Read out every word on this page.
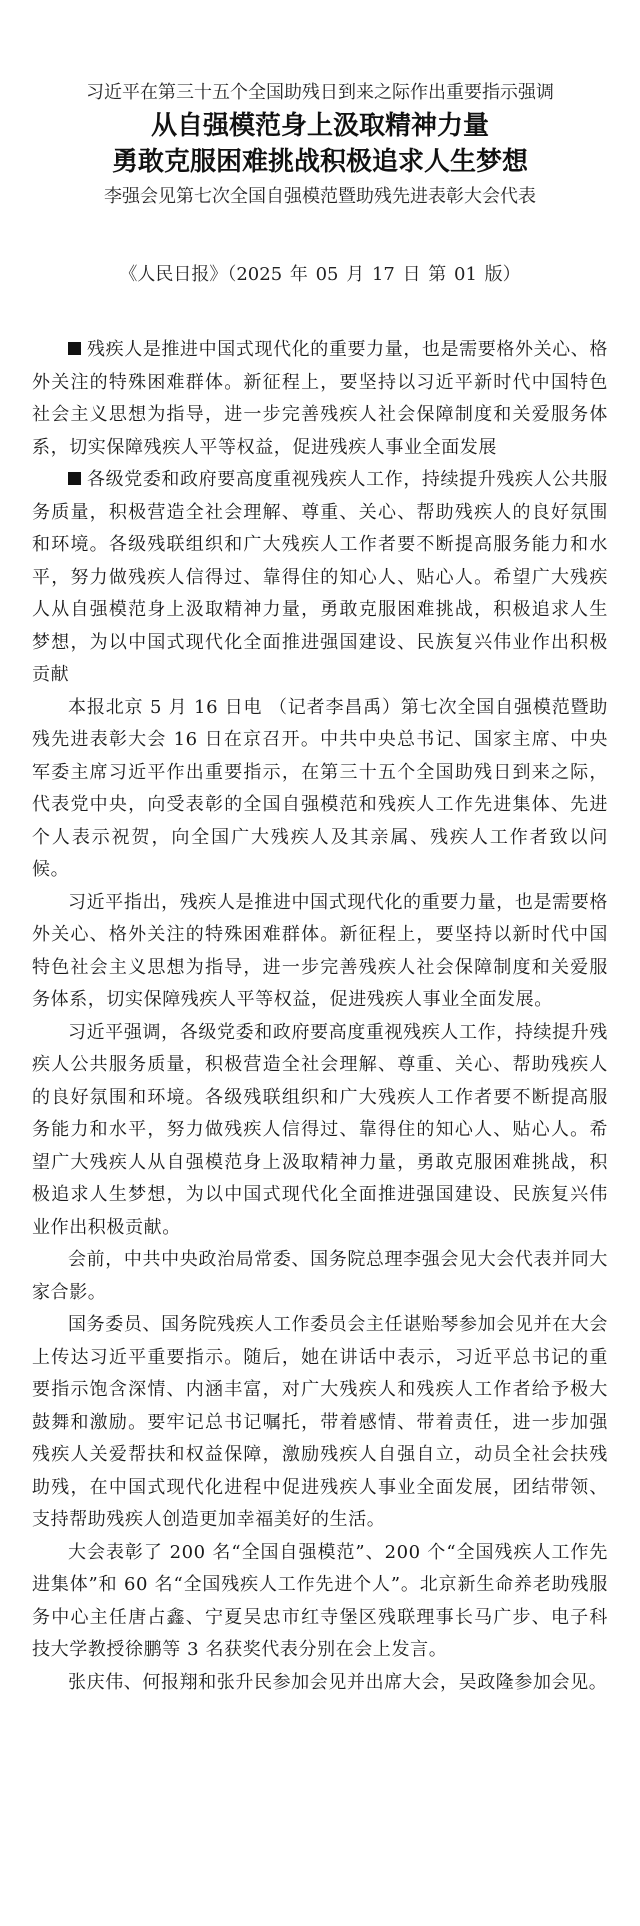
习近平在第三十五个全国助残日到来之际作出重要指示强调

从自强模范身上汲取精神力量

勇敢克服困难挑战积极追求人生梦想

李强会见第七次全国自强模范暨助残先进表彰大会代表

《人民日报》（2025 年 05 月 17 日 第 01 版）

残疾人是推进中国式现代化的重要力量，也是需要格外关心、格外关注的特殊困难群体。新征程上，要坚持以习近平新时代中国特色社会主义思想为指导，进一步完善残疾人社会保障制度和关爱服务体系，切实保障残疾人平等权益，促进残疾人事业全面发展

各级党委和政府要高度重视残疾人工作，持续提升残疾人公共服务质量，积极营造全社会理解、尊重、关心、帮助残疾人的良好氛围和环境。各级残联组织和广大残疾人工作者要不断提高服务能力和水平，努力做残疾人信得过、靠得住的知心人、贴心人。希望广大残疾人从自强模范身上汲取精神力量，勇敢克服困难挑战，积极追求人生梦想，为以中国式现代化全面推进强国建设、民族复兴伟业作出积极贡献

本报北京 5 月 16 日电 （记者李昌禹）第七次全国自强模范暨助残先进表彰大会 16 日在京召开。中共中央总书记、国家主席、中央军委主席习近平作出重要指示，在第三十五个全国助残日到来之际，代表党中央，向受表彰的全国自强模范和残疾人工作先进集体、先进个人表示祝贺，向全国广大残疾人及其亲属、残疾人工作者致以问候。

习近平指出，残疾人是推进中国式现代化的重要力量，也是需要格外关心、格外关注的特殊困难群体。新征程上，要坚持以新时代中国特色社会主义思想为指导，进一步完善残疾人社会保障制度和关爱服务体系，切实保障残疾人平等权益，促进残疾人事业全面发展。

习近平强调，各级党委和政府要高度重视残疾人工作，持续提升残疾人公共服务质量，积极营造全社会理解、尊重、关心、帮助残疾人的良好氛围和环境。各级残联组织和广大残疾人工作者要不断提高服务能力和水平，努力做残疾人信得过、靠得住的知心人、贴心人。希望广大残疾人从自强模范身上汲取精神力量，勇敢克服困难挑战，积极追求人生梦想，为以中国式现代化全面推进强国建设、民族复兴伟业作出积极贡献。

会前，中共中央政治局常委、国务院总理李强会见大会代表并同大家合影。

国务委员、国务院残疾人工作委员会主任谌贻琴参加会见并在大会上传达习近平重要指示。随后，她在讲话中表示，习近平总书记的重要指示饱含深情、内涵丰富，对广大残疾人和残疾人工作者给予极大鼓舞和激励。要牢记总书记嘱托，带着感情、带着责任，进一步加强残疾人关爱帮扶和权益保障，激励残疾人自强自立，动员全社会扶残助残，在中国式现代化进程中促进残疾人事业全面发展，团结带领、支持帮助残疾人创造更加幸福美好的生活。

大会表彰了 200 名“全国自强模范”、200 个“全国残疾人工作先进集体”和 60 名“全国残疾人工作先进个人”。北京新生命养老助残服务中心主任唐占鑫、宁夏吴忠市红寺堡区残联理事长马广步、电子科技大学教授徐鹏等 3 名获奖代表分别在会上发言。

张庆伟、何报翔和张升民参加会见并出席大会，吴政隆参加会见。
